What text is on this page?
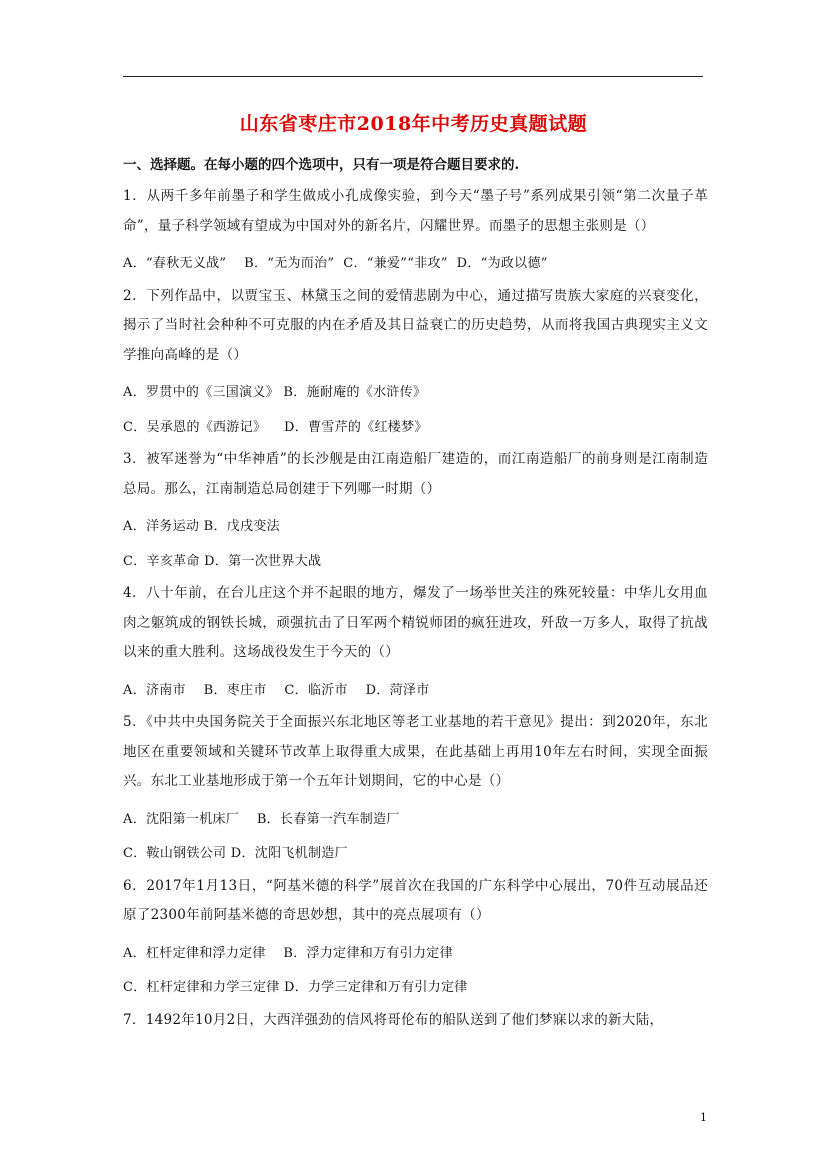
山东省枣庄市2018年中考历史真题试题
一、选择题。在每小题的四个选项中，只有一项是符合题目要求的.
1．从两千多年前墨子和学生做成小孔成像实验，到今天“墨子号”系列成果引领“第二次量子革命”，量子科学领域有望成为中国对外的新名片，闪耀世界。而墨子的思想主张则是（）
A．“春秋无义战”    B．“无为而治”  C．“兼爱”“非攻”  D．“为政以德”
2．下列作品中，以贾宝玉、林黛玉之间的爱情悲剧为中心，通过描写贵族大家庭的兴衰变化，揭示了当时社会种种不可克服的内在矛盾及其日益衰亡的历史趋势，从而将我国古典现实主义文学推向高峰的是（）
A．罗贯中的《三国演义》 B．施耐庵的《水浒传》
C．吴承恩的《西游记》    D．曹雪芹的《红楼梦》
3．被军迷誉为“中华神盾”的长沙舰是由江南造船厂建造的，而江南造船厂的前身则是江南制造总局。那么，江南制造总局创建于下列哪一时期（）
A．洋务运动 B．戊戌变法
C．辛亥革命 D．第一次世界大战
4．八十年前，在台儿庄这个并不起眼的地方，爆发了一场举世关注的殊死较量：中华儿女用血肉之躯筑成的钢铁长城，顽强抗击了日军两个精锐师团的疯狂进攻，歼敌一万多人，取得了抗战以来的重大胜利。这场战役发生于今天的（）
A．济南市    B．枣庄市    C．临沂市    D．菏泽市
5．《中共中央国务院关于全面振兴东北地区等老工业基地的若干意见》提出：到2020年，东北地区在重要领域和关键环节改革上取得重大成果，在此基础上再用10年左右时间，实现全面振兴。东北工业基地形成于第一个五年计划期间，它的中心是（）
A．沈阳第一机床厂    B．长春第一汽车制造厂
C．鞍山钢铁公司 D．沈阳飞机制造厂
6．2017年1月13日，“阿基米德的科学”展首次在我国的广东科学中心展出，70件互动展品还原了2300年前阿基米德的奇思妙想，其中的亮点展项有（）
A．杠杆定律和浮力定律    B．浮力定律和万有引力定律
C．杠杆定律和力学三定律 D．力学三定律和万有引力定律
7．1492年10月2日，大西洋强劲的信风将哥伦布的船队送到了他们梦寐以求的新大陆，
1
